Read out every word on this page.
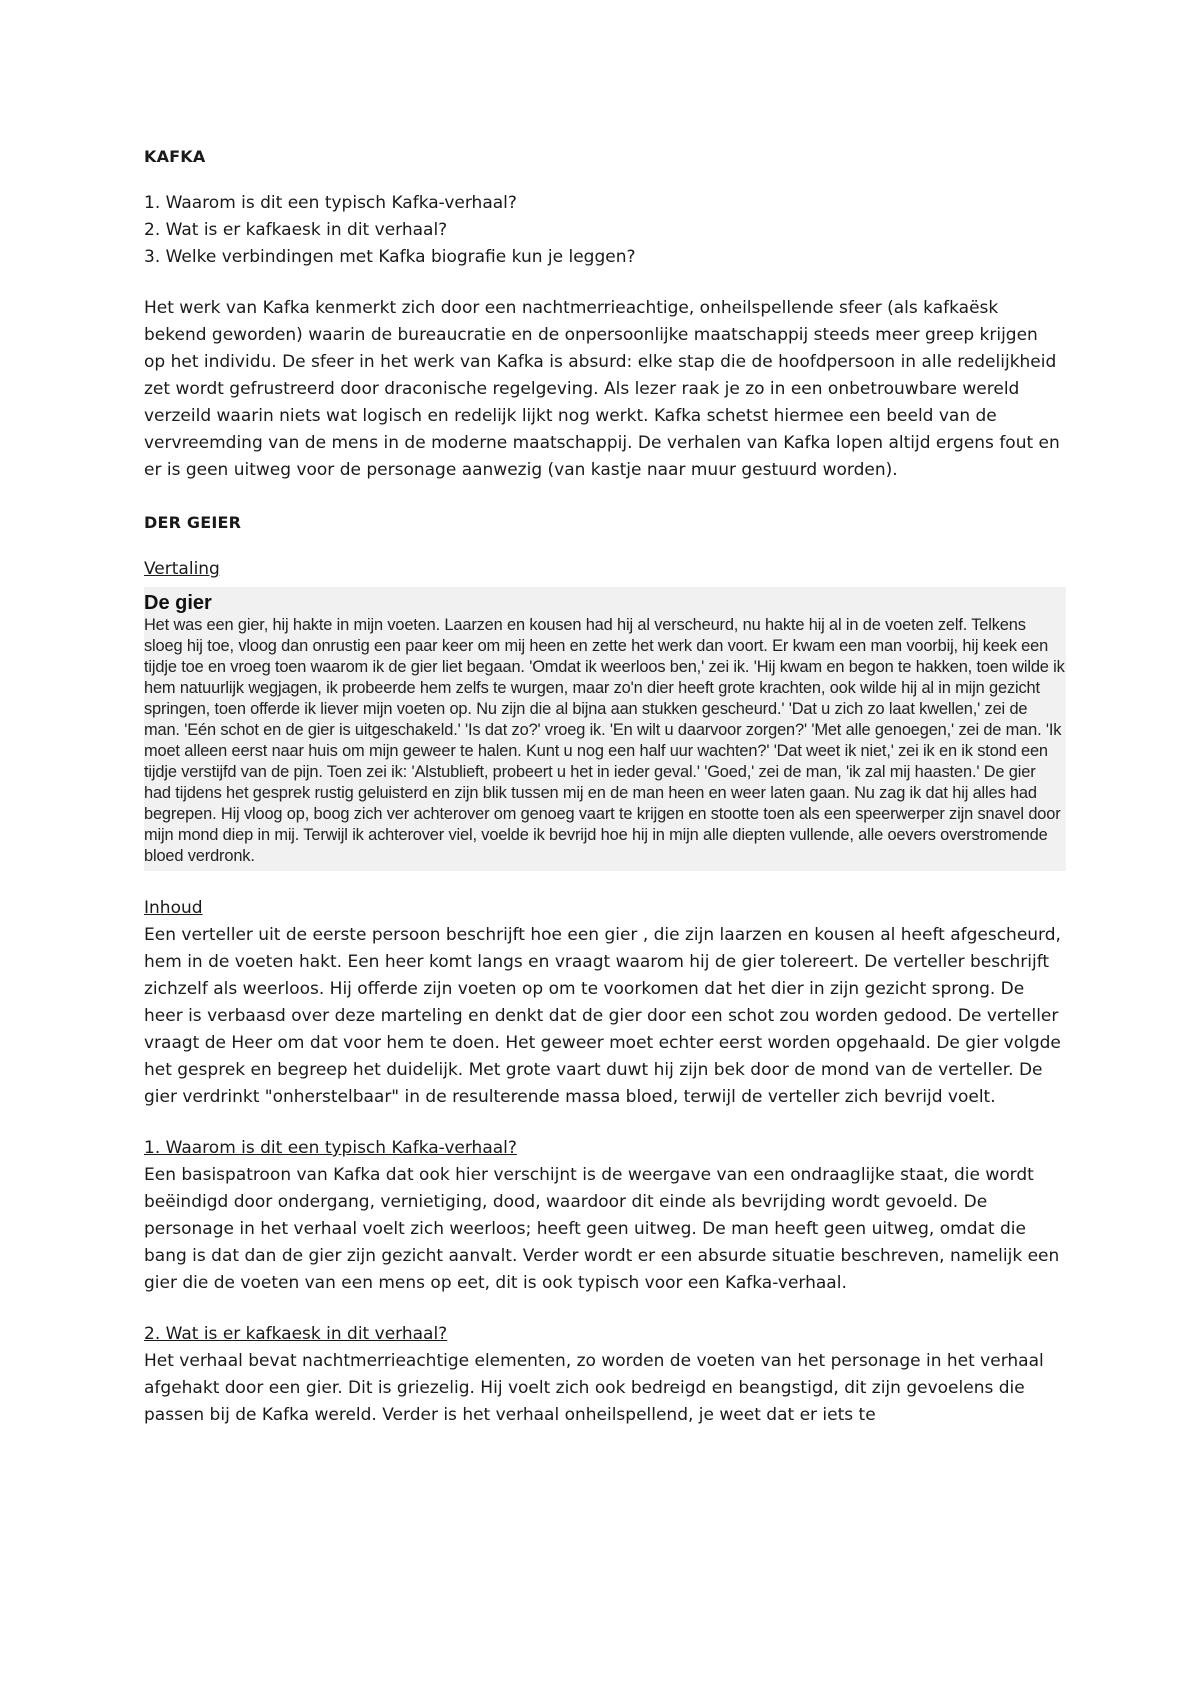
KAFKA

1. Waarom is dit een typisch Kafka-verhaal?
2. Wat is er kafkaesk in dit verhaal?
3. Welke verbindingen met Kafka biografie kun je leggen?

Het werk van Kafka kenmerkt zich door een nachtmerrieachtige, onheilspellende sfeer (als kafkaësk bekend geworden) waarin de bureaucratie en de onpersoonlijke maatschappij steeds meer greep krijgen op het individu. De sfeer in het werk van Kafka is absurd: elke stap die de hoofdpersoon in alle redelijkheid zet wordt gefrustreerd door draconische regelgeving. Als lezer raak je zo in een onbetrouwbare wereld verzeild waarin niets wat logisch en redelijk lijkt nog werkt. Kafka schetst hiermee een beeld van de vervreemding van de mens in de moderne maatschappij. De verhalen van Kafka lopen altijd ergens fout en er is geen uitweg voor de personage aanwezig (van kastje naar muur gestuurd worden).

DER GEIER

Vertaling

De gier

Het was een gier, hij hakte in mijn voeten. Laarzen en kousen had hij al verscheurd, nu hakte hij al in de voeten zelf. Telkens sloeg hij toe, vloog dan onrustig een paar keer om mij heen en zette het werk dan voort. Er kwam een man voorbij, hij keek een tijdje toe en vroeg toen waarom ik de gier liet begaan. 'Omdat ik weerloos ben,' zei ik. 'Hij kwam en begon te hakken, toen wilde ik hem natuurlijk wegjagen, ik probeerde hem zelfs te wurgen, maar zo'n dier heeft grote krachten, ook wilde hij al in mijn gezicht springen, toen offerde ik liever mijn voeten op. Nu zijn die al bijna aan stukken gescheurd.' 'Dat u zich zo laat kwellen,' zei de man. 'Eén schot en de gier is uitgeschakeld.' 'Is dat zo?' vroeg ik. 'En wilt u daarvoor zorgen?' 'Met alle genoegen,' zei de man. 'Ik moet alleen eerst naar huis om mijn geweer te halen. Kunt u nog een half uur wachten?' 'Dat weet ik niet,' zei ik en ik stond een tijdje verstijfd van de pijn. Toen zei ik: 'Alstublieft, probeert u het in ieder geval.' 'Goed,' zei de man, 'ik zal mij haasten.' De gier had tijdens het gesprek rustig geluisterd en zijn blik tussen mij en de man heen en weer laten gaan. Nu zag ik dat hij alles had begrepen. Hij vloog op, boog zich ver achterover om genoeg vaart te krijgen en stootte toen als een speerwerper zijn snavel door mijn mond diep in mij. Terwijl ik achterover viel, voelde ik bevrijd hoe hij in mijn alle diepten vullende, alle oevers overstromende bloed verdronk.

Inhoud

Een verteller uit de eerste persoon beschrijft hoe een gier , die zijn laarzen en kousen al heeft afgescheurd, hem in de voeten hakt. Een heer komt langs en vraagt waarom hij de gier tolereert. De verteller beschrijft zichzelf als weerloos. Hij offerde zijn voeten op om te voorkomen dat het dier in zijn gezicht sprong. De heer is verbaasd over deze marteling en denkt dat de gier door een schot zou worden gedood. De verteller vraagt de Heer om dat voor hem te doen. Het geweer moet echter eerst worden opgehaald. De gier volgde het gesprek en begreep het duidelijk. Met grote vaart duwt hij zijn bek door de mond van de verteller. De gier verdrinkt "onherstelbaar" in de resulterende massa bloed, terwijl de verteller zich bevrijd voelt.

1. Waarom is dit een typisch Kafka-verhaal?

Een basispatroon van Kafka dat ook hier verschijnt is de weergave van een ondraaglijke staat, die wordt beëindigd door ondergang, vernietiging, dood, waardoor dit einde als bevrijding wordt gevoeld. De personage in het verhaal voelt zich weerloos; heeft geen uitweg. De man heeft geen uitweg, omdat die bang is dat dan de gier zijn gezicht aanvalt. Verder wordt er een absurde situatie beschreven, namelijk een gier die de voeten van een mens op eet, dit is ook typisch voor een Kafka-verhaal.

2. Wat is er kafkaesk in dit verhaal?

Het verhaal bevat nachtmerrieachtige elementen, zo worden de voeten van het personage in het verhaal afgehakt door een gier. Dit is griezelig. Hij voelt zich ook bedreigd en beangstigd, dit zijn gevoelens die passen bij de Kafka wereld. Verder is het verhaal onheilspellend, je weet dat er iets te
